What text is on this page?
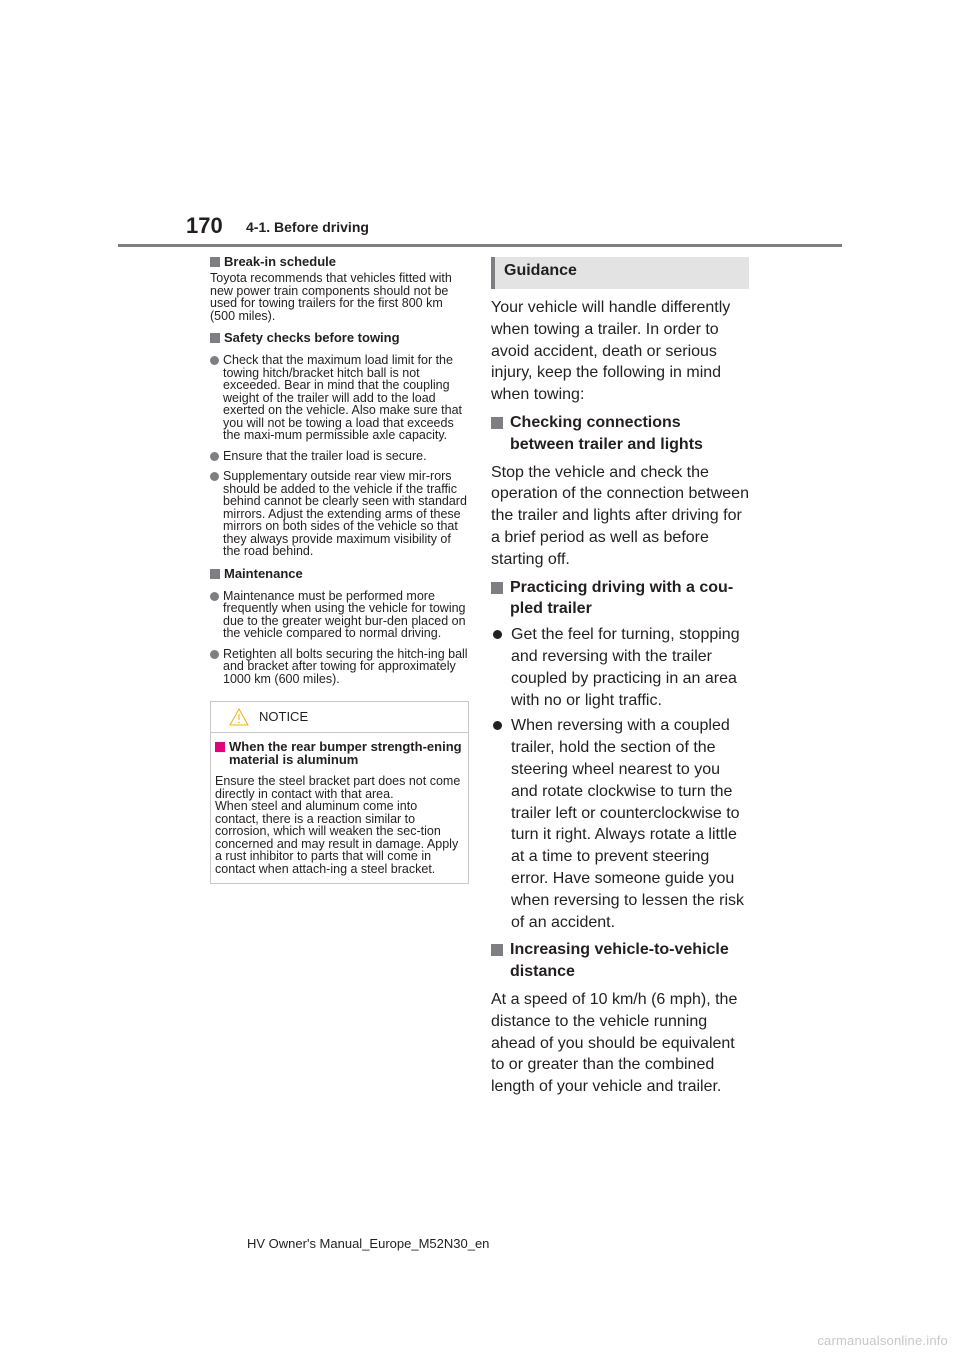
170 4-1. Before driving
Break-in schedule
Toyota recommends that vehicles fitted with new power train components should not be used for towing trailers for the first 800 km (500 miles).
Safety checks before towing
Check that the maximum load limit for the towing hitch/bracket hitch ball is not exceeded. Bear in mind that the coupling weight of the trailer will add to the load exerted on the vehicle. Also make sure that you will not be towing a load that exceeds the maxi-mum permissible axle capacity.
Ensure that the trailer load is secure.
Supplementary outside rear view mir-rors should be added to the vehicle if the traffic behind cannot be clearly seen with standard mirrors. Adjust the extending arms of these mirrors on both sides of the vehicle so that they always provide maximum visibility of the road behind.
Maintenance
Maintenance must be performed more frequently when using the vehicle for towing due to the greater weight bur-den placed on the vehicle compared to normal driving.
Retighten all bolts securing the hitch-ing ball and bracket after towing for approximately 1000 km (600 miles).
NOTICE
When the rear bumper strength-ening material is aluminum
Ensure the steel bracket part does not come directly in contact with that area.
When steel and aluminum come into contact, there is a reaction similar to corrosion, which will weaken the sec-tion concerned and may result in damage. Apply a rust inhibitor to parts that will come in contact when attach-ing a steel bracket.
Guidance
Your vehicle will handle differently when towing a trailer. In order to avoid accident, death or serious injury, keep the following in mind when towing:
Checking connections between trailer and lights
Stop the vehicle and check the operation of the connection between the trailer and lights after driving for a brief period as well as before starting off.
Practicing driving with a cou-pled trailer
Get the feel for turning, stopping and reversing with the trailer coupled by practicing in an area with no or light traffic.
When reversing with a coupled trailer, hold the section of the steering wheel nearest to you and rotate clockwise to turn the trailer left or counterclockwise to turn it right. Always rotate a little at a time to prevent steering error. Have someone guide you when reversing to lessen the risk of an accident.
Increasing vehicle-to-vehicle distance
At a speed of 10 km/h (6 mph), the distance to the vehicle running ahead of you should be equivalent to or greater than the combined length of your vehicle and trailer.
HV Owner's Manual_Europe_M52N30_en
carmanualsonline.info
